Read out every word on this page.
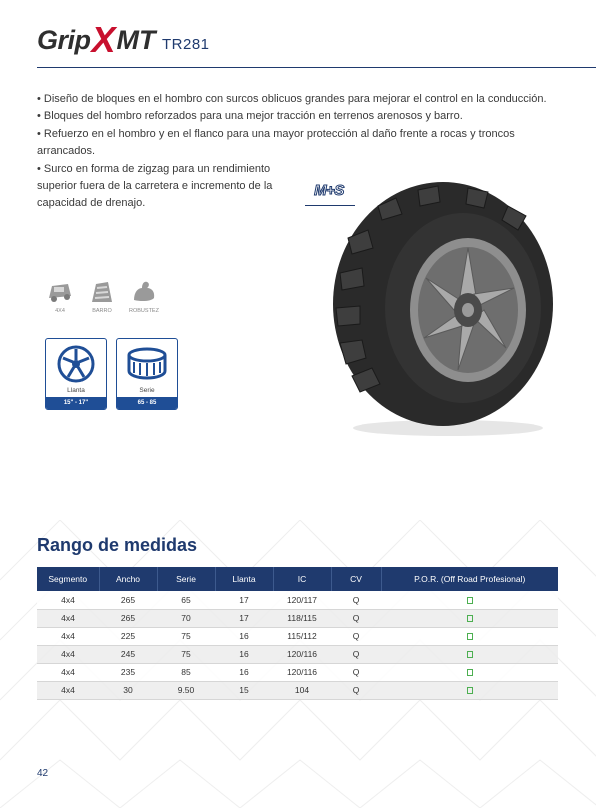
Grip X MT TR281

• Diseño de bloques en el hombro con surcos oblicuos grandes para mejorar el control en la conducción.

• Bloques del hombro reforzados para una mejor tracción en terrenos arenosos y barro.

• Refuerzo en el hombro y en el flanco para una mayor protección al daño frente a rocas y troncos arrancados.

• Surco en forma de zigzag para un rendimiento superior fuera de la carretera e incremento de la capacidad de drenajo.

M+S
4X4	BARRO	ROBUSTEZ
Llanta
15" - 17"
Serie
65 - 85
Rango de medidas
Segmento	Ancho	Serie	Llanta	IC	CV	P.O.R. (Off Road Profesional)
4x4	265	65	17	120/117	Q	
4x4	265	70	17	118/115	Q	
4x4	225	75	16	115/112	Q	
4x4	245	75	16	120/116	Q	
4x4	235	85	16	120/116	Q	
4x4	30	9.50	15	104	Q	
42
